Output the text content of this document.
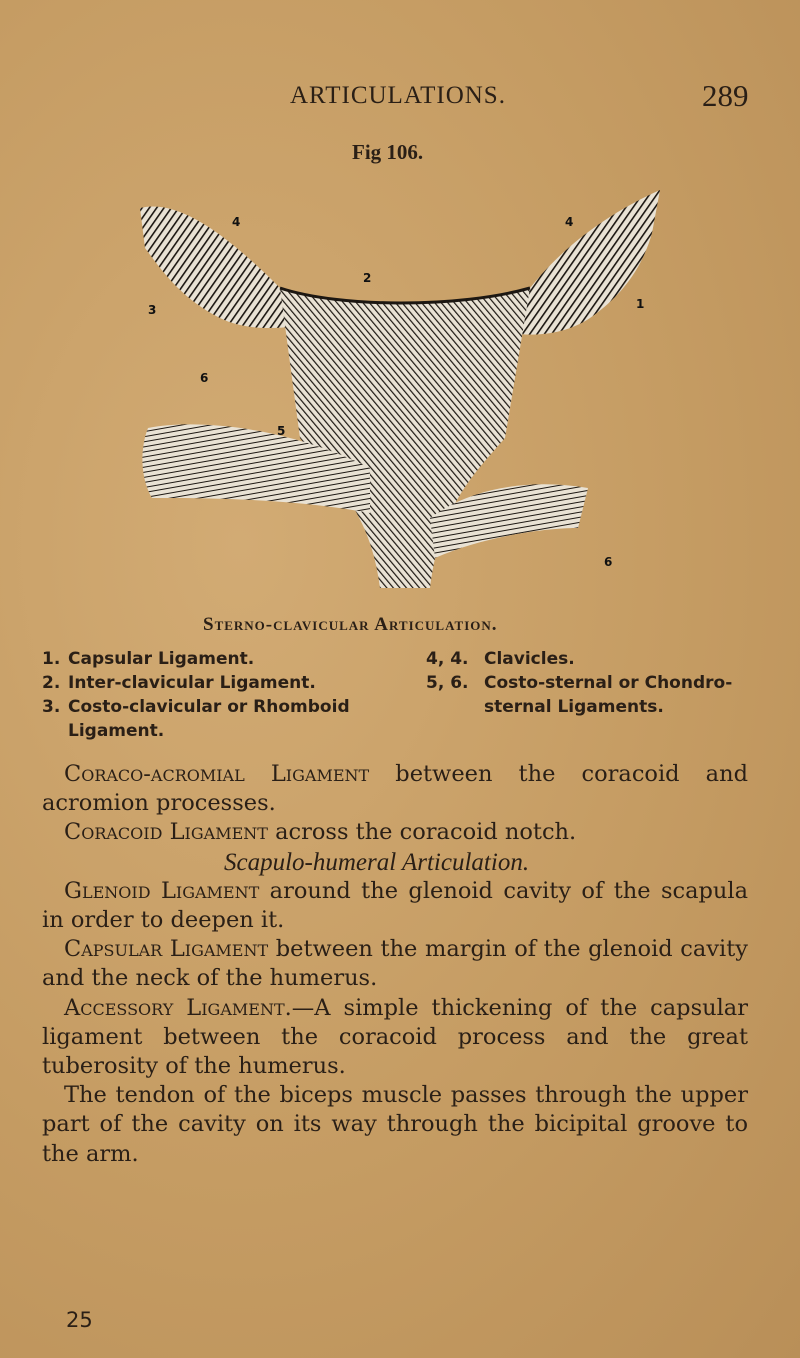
ARTICULATIONS.	289
Fig 106.
4	4
2
3	1
6
5
6
Sterno-clavicular Articulation.
1. Capsular Ligament.
2. Inter-clavicular Ligament.
3. Costo-clavicular or Rhomboid
Ligament.
4, 4. Clavicles.
5, 6. Costo-sternal or Chondro-
sternal Ligaments.

Coraco-acromial Ligament between the coracoid and acromion processes.

Coracoid Ligament across the coracoid notch.

Scapulo-humeral Articulation.

Glenoid Ligament around the glenoid cavity of the scapula in order to deepen it.

Capsular Ligament between the margin of the glenoid cavity and the neck of the humerus.

Accessory Ligament.—A simple thickening of the capsular ligament between the coracoid process and the great tuberosity of the humerus.

The tendon of the biceps muscle passes through the upper part of the cavity on its way through the bicipital groove to the arm.

25
